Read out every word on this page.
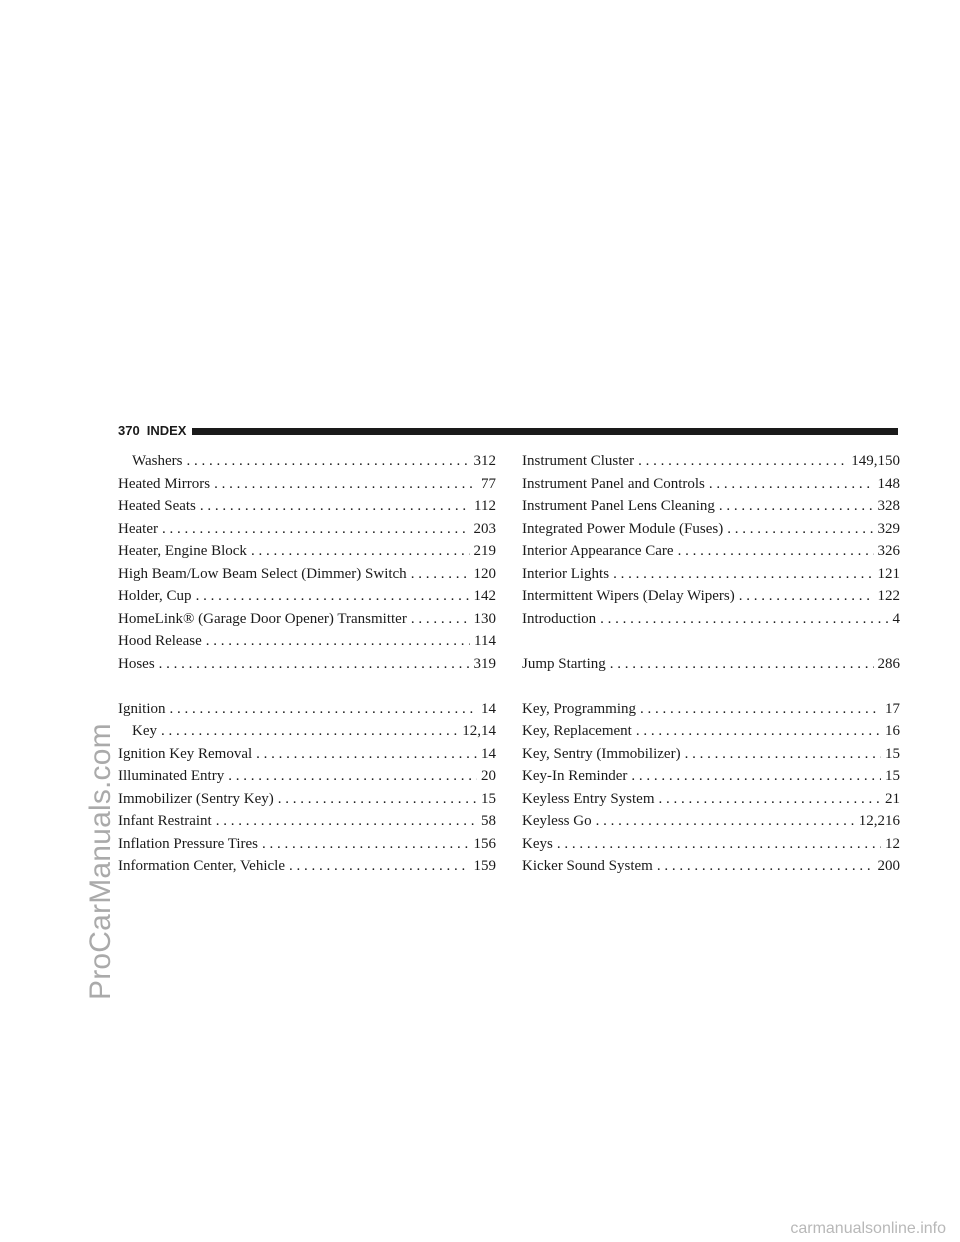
ProCarManuals.com
370 INDEX
Washers . . .	312
Heated Mirrors . . .	77
Heated Seats . . .	112
Heater . . .	203
Heater, Engine Block . . .	219
High Beam/Low Beam Select (Dimmer) Switch . . .	120
Holder, Cup . . .	142
HomeLink® (Garage Door Opener) Transmitter . . .	130
Hood Release . . .	114
Hoses . . .	319
Ignition . . .	14
Key . . .	12,14
Ignition Key Removal . . .	14
Illuminated Entry . . .	20
Immobilizer (Sentry Key) . . .	15
Infant Restraint . . .	58
Inflation Pressure Tires . . .	156
Information Center, Vehicle . . .	159
Instrument Cluster . . .	149,150
Instrument Panel and Controls . . .	148
Instrument Panel Lens Cleaning . . .	328
Integrated Power Module (Fuses) . . .	329
Interior Appearance Care . . .	326
Interior Lights . . .	121
Intermittent Wipers (Delay Wipers) . . .	122
Introduction . . .	4
Jump Starting . . .	286
Key, Programming . . .	17
Key, Replacement . . .	16
Key, Sentry (Immobilizer) . . .	15
Key-In Reminder . . .	15
Keyless Entry System . . .	21
Keyless Go . . .	12,216
Keys . . .	12
Kicker Sound System . . .	200
carmanualsonline.info
